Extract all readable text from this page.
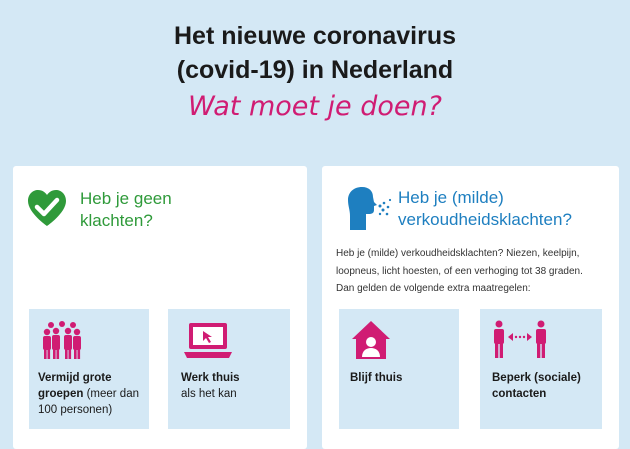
Het nieuwe coronavirus
(covid-19) in Nederland
Wat moet je doen?
Heb je geen
klachten?
Heb je (milde)
verkoudheidsklachten?
Heb je (milde) verkoudheidsklachten? Niezen, keelpijn,
loopneus, licht hoesten, of een verhoging tot 38 graden.
Dan gelden de volgende extra maatregelen:
Vermijd grote
groepen (meer dan
100 personen)
Werk thuis
als het kan
Blijf thuis	Beperk (sociale)
contacten
